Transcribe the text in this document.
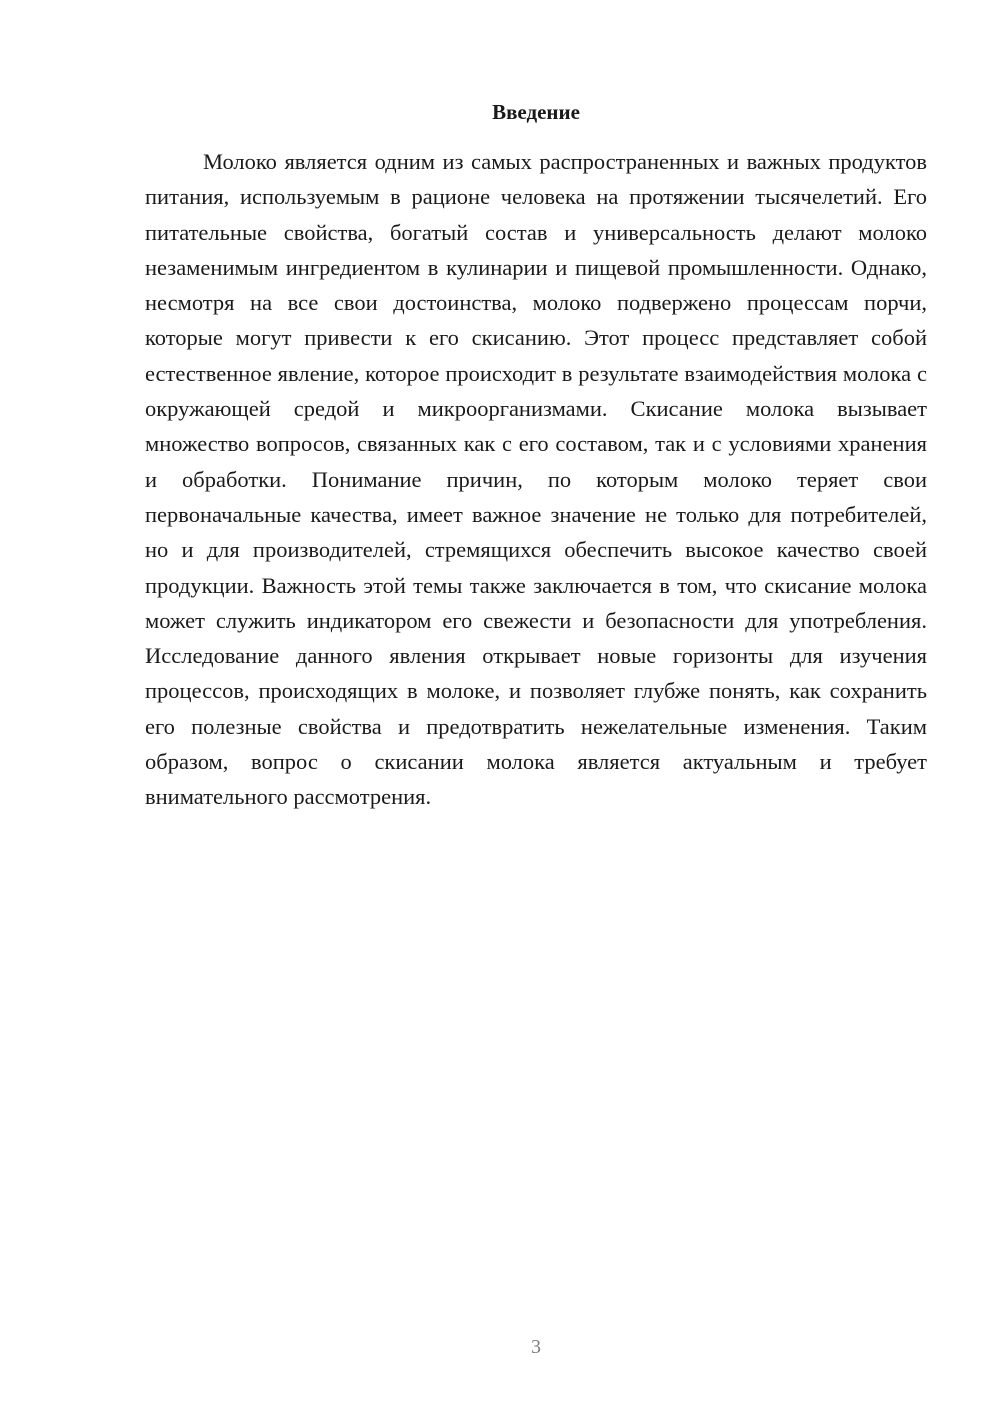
Введение

Молоко является одним из самых распространенных и важных продуктов питания, используемым в рационе человека на протяжении тысячелетий. Его питательные свойства, богатый состав и универсальность делают молоко незаменимым ингредиентом в кулинарии и пищевой промышленности. Однако, несмотря на все свои достоинства, молоко подвержено процессам порчи, которые могут привести к его скисанию. Этот процесс представляет собой естественное явление, которое происходит в результате взаимодействия молока с окружающей средой и микроорганизмами. Скисание молока вызывает множество вопросов, связанных как с его составом, так и с условиями хранения и обработки. Понимание причин, по которым молоко теряет свои первоначальные качества, имеет важное значение не только для потребителей, но и для производителей, стремящихся обеспечить высокое качество своей продукции. Важность этой темы также заключается в том, что скисание молока может служить индикатором его свежести и безопасности для употребления. Исследование данного явления открывает новые горизонты для изучения процессов, происходящих в молоке, и позволяет глубже понять, как сохранить его полезные свойства и предотвратить нежелательные изменения. Таким образом, вопрос о скисании молока является актуальным и требует внимательного рассмотрения.

3
